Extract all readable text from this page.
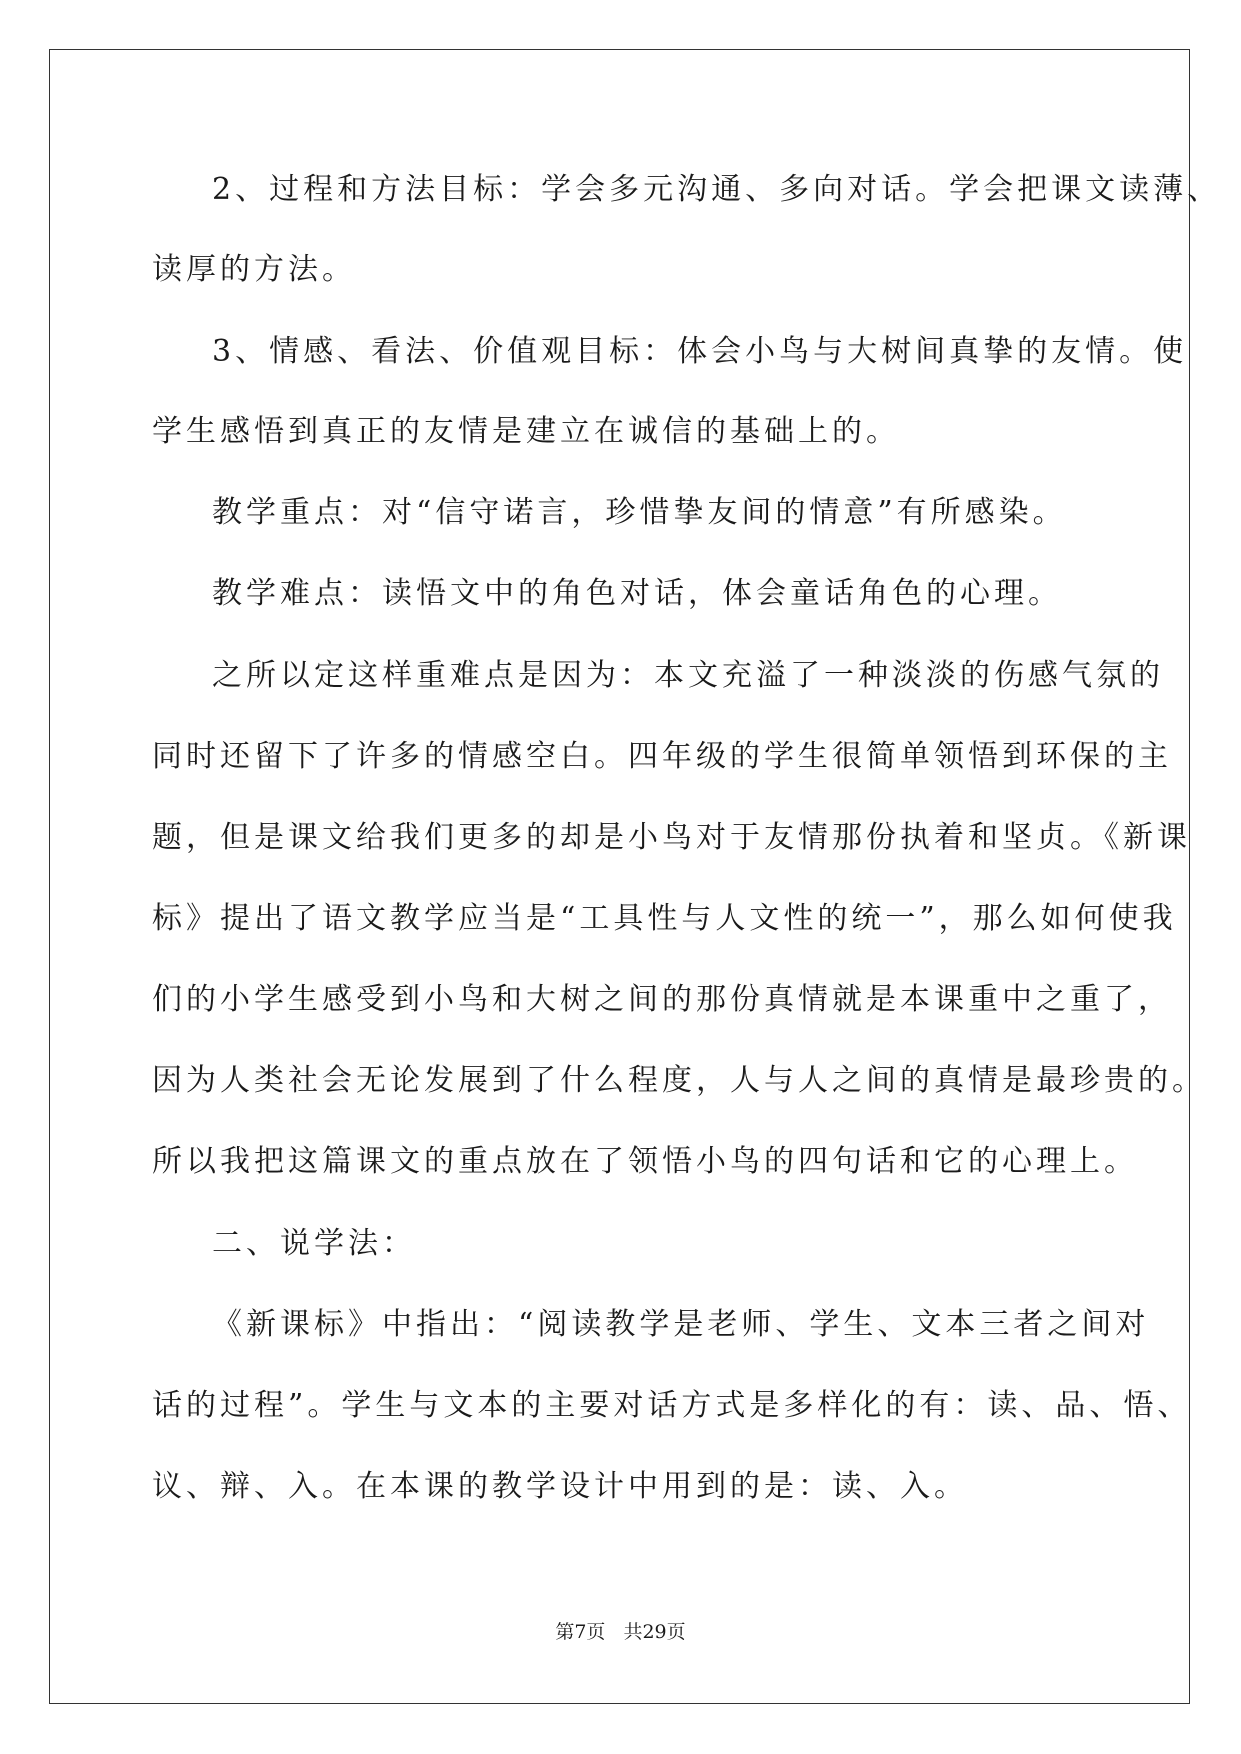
2、过程和方法目标：学会多元沟通、多向对话。学会把课文读薄、
读厚的方法。
3、情感、看法、价值观目标：体会小鸟与大树间真挚的友情。使
学生感悟到真正的友情是建立在诚信的基础上的。
教学重点：对“信守诺言，珍惜挚友间的情意”有所感染。
教学难点：读悟文中的角色对话，体会童话角色的心理。
之所以定这样重难点是因为：本文充溢了一种淡淡的伤感气氛的
同时还留下了许多的情感空白。四年级的学生很简单领悟到环保的主
题，但是课文给我们更多的却是小鸟对于友情那份执着和坚贞。《新课
标》提出了语文教学应当是“工具性与人文性的统一”，那么如何使我
们的小学生感受到小鸟和大树之间的那份真情就是本课重中之重了，
因为人类社会无论发展到了什么程度，人与人之间的真情是最珍贵的。
所以我把这篇课文的重点放在了领悟小鸟的四句话和它的心理上。
二、说学法：
《新课标》中指出：“阅读教学是老师、学生、文本三者之间对
话的过程”。学生与文本的主要对话方式是多样化的有：读、品、悟、
议、辩、入。在本课的教学设计中用到的是：读、入。
第7页 共29页
